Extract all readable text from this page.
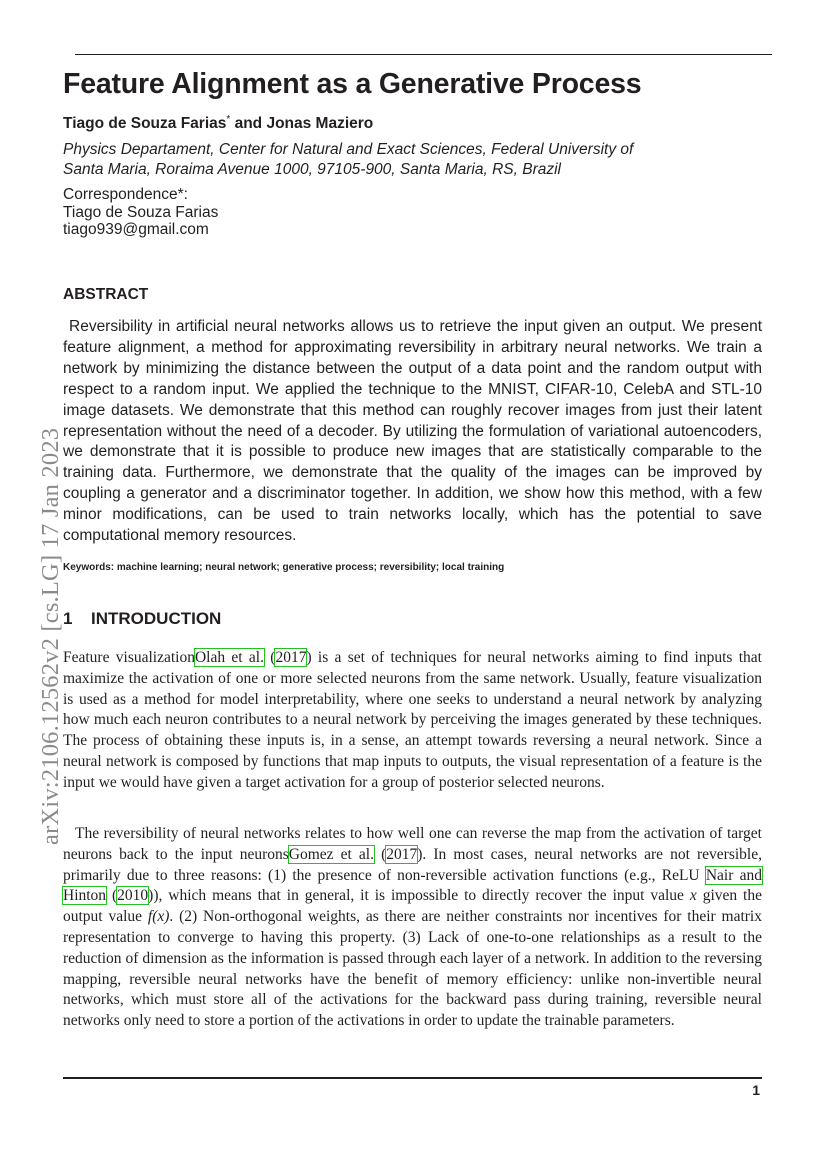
Feature Alignment as a Generative Process
Tiago de Souza Farias* and Jonas Maziero
Physics Departament, Center for Natural and Exact Sciences, Federal University of
Santa Maria, Roraima Avenue 1000, 97105-900, Santa Maria, RS, Brazil
Correspondence*:
Tiago de Souza Farias
tiago939@gmail.com
ABSTRACT

Reversibility in artificial neural networks allows us to retrieve the input given an output. We present feature alignment, a method for approximating reversibility in arbitrary neural networks. We train a network by minimizing the distance between the output of a data point and the random output with respect to a random input. We applied the technique to the MNIST, CIFAR-10, CelebA and STL-10 image datasets. We demonstrate that this method can roughly recover images from just their latent representation without the need of a decoder. By utilizing the formulation of variational autoencoders, we demonstrate that it is possible to produce new images that are statistically comparable to the training data. Furthermore, we demonstrate that the quality of the images can be improved by coupling a generator and a discriminator together. In addition, we show how this method, with a few minor modifications, can be used to train networks locally, which has the potential to save computational memory resources.

Keywords: machine learning; neural network; generative process; reversibility; local training
1 INTRODUCTION

Feature visualizationOlah et al. (2017) is a set of techniques for neural networks aiming to find inputs that maximize the activation of one or more selected neurons from the same network. Usually, feature visualization is used as a method for model interpretability, where one seeks to understand a neural network by analyzing how much each neuron contributes to a neural network by perceiving the images generated by these techniques. The process of obtaining these inputs is, in a sense, an attempt towards reversing a neural network. Since a neural network is composed by functions that map inputs to outputs, the visual representation of a feature is the input we would have given a target activation for a group of posterior selected neurons.

The reversibility of neural networks relates to how well one can reverse the map from the activation of target neurons back to the input neuronsGomez et al. (2017). In most cases, neural networks are not reversible, primarily due to three reasons: (1) the presence of non-reversible activation functions (e.g., ReLU Nair and Hinton (2010)), which means that in general, it is impossible to directly recover the input value x given the output value f(x). (2) Non-orthogonal weights, as there are neither constraints nor incentives for their matrix representation to converge to having this property. (3) Lack of one-to-one relationships as a result to the reduction of dimension as the information is passed through each layer of a network. In addition to the reversing mapping, reversible neural networks have the benefit of memory efficiency: unlike non-invertible neural networks, which must store all of the activations for the backward pass during training, reversible neural networks only need to store a portion of the activations in order to update the trainable parameters.

arXiv:2106.12562v2 [cs.LG] 17 Jan 2023
1
